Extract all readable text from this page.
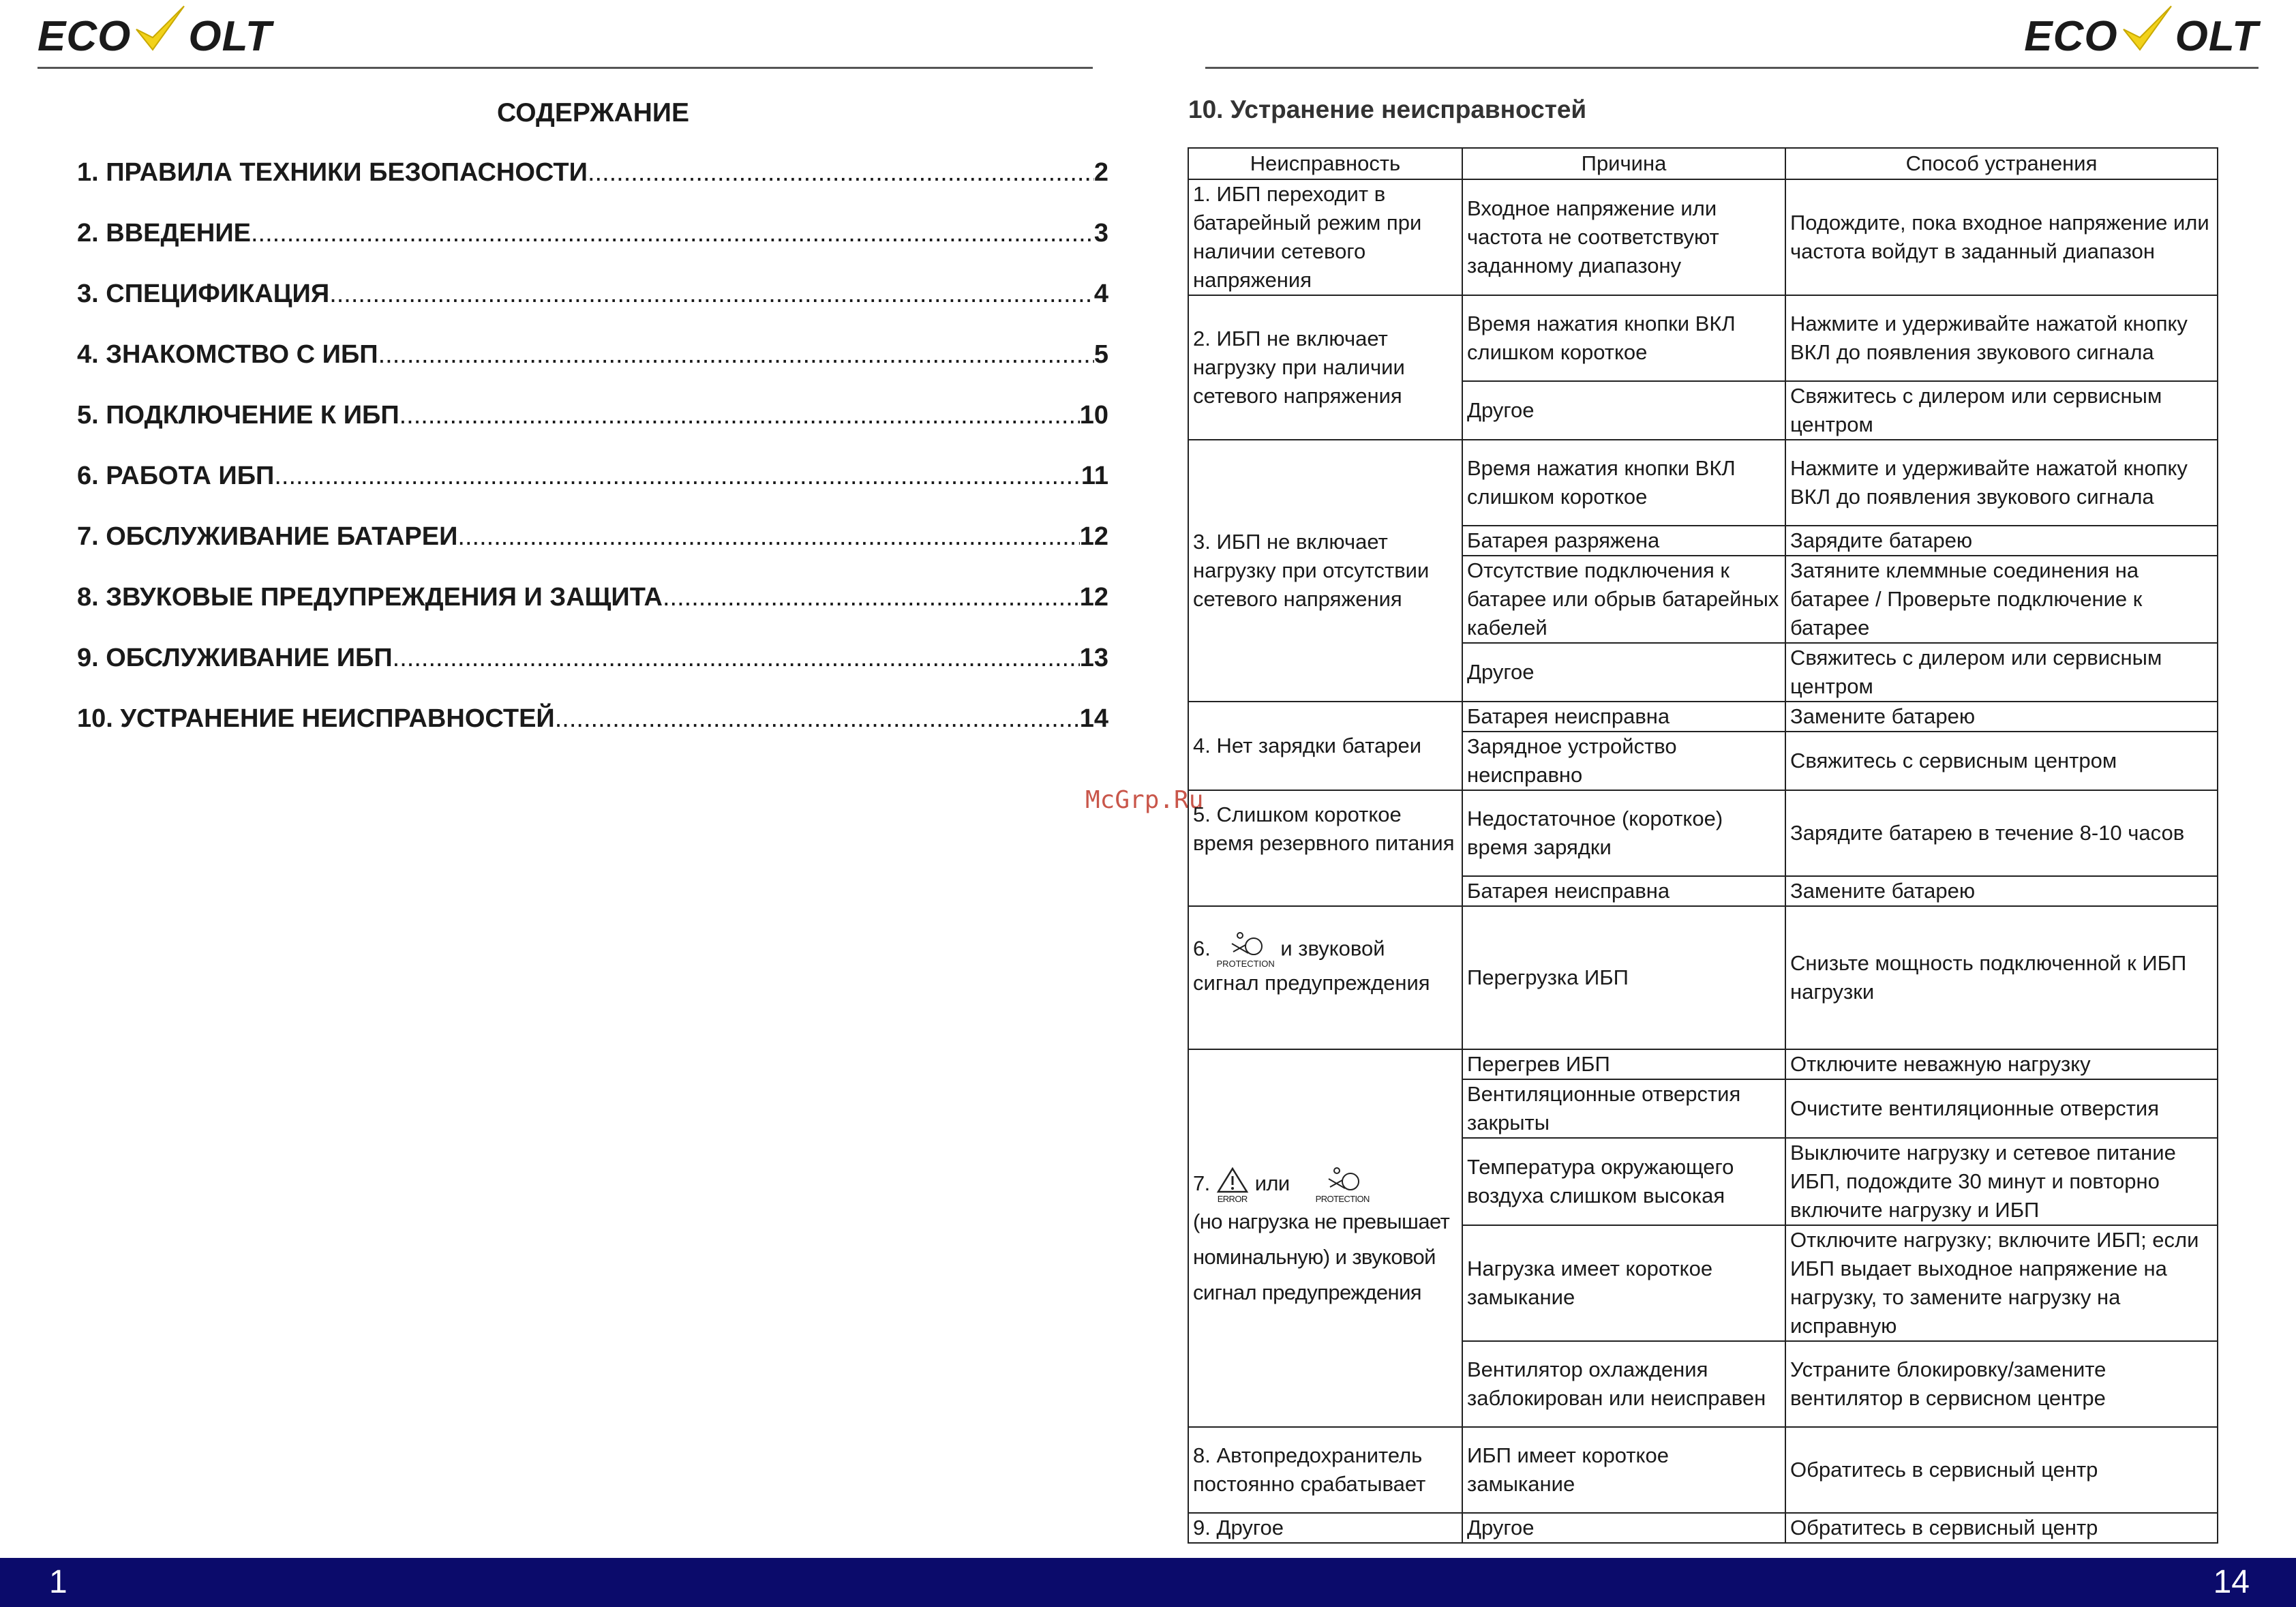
ECO OLT	ECO OLT
СОДЕРЖАНИЕ
1. ПРАВИЛА ТЕХНИКИ БЕЗОПАСНОСТИ .....	2
2. ВВЕДЕНИЕ .....	3
3. СПЕЦИФИКАЦИЯ .....	4
4. ЗНАКОМСТВО С ИБП .....	5
5. ПОДКЛЮЧЕНИЕ К ИБП .....	10
6. РАБОТА ИБП .....	11
7. ОБСЛУЖИВАНИЕ БАТАРЕИ .....	12
8. ЗВУКОВЫЕ ПРЕДУПРЕЖДЕНИЯ И ЗАЩИТА .....	12
9. ОБСЛУЖИВАНИЕ ИБП .....	13
10. УСТРАНЕНИЕ НЕИСПРАВНОСТЕЙ .....	14
McGrp.Ru
10. Устранение неисправностей
Неисправность	Причина	Способ устранения
1. ИБП переходит в батарейный режим при наличии сетевого напряжения	Входное напряжение или частота не соответствуют заданному диапазону	Подождите, пока входное напряжение или частота войдут в заданный диапазон
2. ИБП не включает нагрузку при наличии сетевого напряжения	Время нажатия кнопки ВКЛ слишком короткое	Нажмите и удерживайте нажатой кнопку ВКЛ до появления звукового сигнала
	Другое	Свяжитесь с дилером или сервисным центром
3. ИБП не включает нагрузку при отсутствии сетевого напряжения	Время нажатия кнопки ВКЛ слишком короткое	Нажмите и удерживайте нажатой кнопку ВКЛ до появления звукового сигнала
	Батарея разряжена	Зарядите батарею
	Отсутствие подключения к батарее или обрыв батарейных кабелей	Затяните клеммные соединения на батарее / Проверьте подключение к батарее
	Другое	Свяжитесь с дилером или сервисным центром
4. Нет зарядки батареи	Батарея неисправна	Замените батарею
	Зарядное устройство неисправно	Свяжитесь с сервисным центром
5. Слишком короткое время резервного питания	Недостаточное (короткое) время зарядки	Зарядите батарею в течение 8-10 часов
	Батарея неисправна	Замените батарею
6.
PROTECTION
и звуковой
сигнал предупреждения	Перегрузка ИБП	Снизьте мощность подключенной к ИБП нагрузки

7.
ERROR
или
PROTECTION
(но нагрузка не превышает номинальную) и звуковой сигнал предупреждения	Перегрев ИБП	Отключите неважную нагрузку
	Вентиляционные отверстия закрыты	Очистите вентиляционные отверстия
	Температура окружающего воздуха слишком высокая	Выключите нагрузку и сетевое питание ИБП, подождите 30 минут и повторно включите нагрузку и ИБП
	Нагрузка имеет короткое замыкание	Отключите нагрузку; включите ИБП; если ИБП выдает выходное напряжение на нагрузку, то замените нагрузку на исправную
	Вентилятор охлаждения заблокирован или неисправен	Устраните блокировку/замените вентилятор в сервисном центре
8. Автопредохранитель постоянно срабатывает	ИБП имеет короткое замыкание	Обратитесь в сервисный центр
9. Другое	Другое	Обратитесь в сервисный центр
1	14
